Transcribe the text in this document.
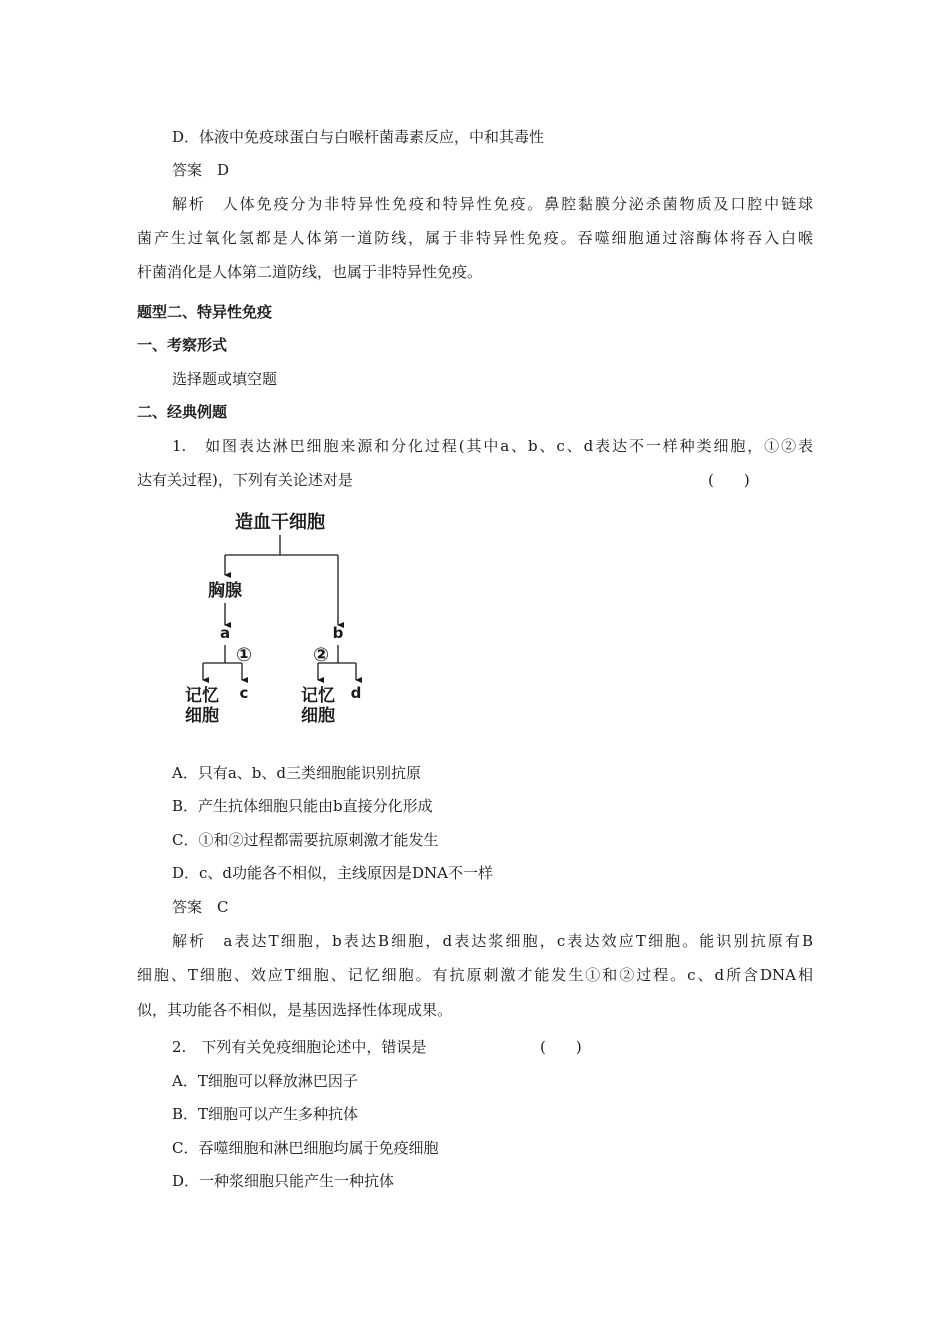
D．体液中免疫球蛋白与白喉杆菌毒素反应，中和其毒性
答案　D
解析　人体免疫分为非特异性免疫和特异性免疫。鼻腔黏膜分泌杀菌物质及口腔中链球
菌产生过氧化氢都是人体第一道防线，属于非特异性免疫。吞噬细胞通过溶酶体将吞入白喉
杆菌消化是人体第二道防线，也属于非特异性免疫。
题型二、特异性免疫
一、考察形式
选择题或填空题
二、经典例题
1.　如图表达淋巴细胞来源和分化过程(其中a、b、c、d表达不一样种类细胞，①②表
达有关过程)，下列有关论述对是	(　　)
造血干细胞
胸腺
a	b
①	②
记忆
细胞
c	记忆
细胞
d
A．只有a、b、d三类细胞能识别抗原
B．产生抗体细胞只能由b直接分化形成
C．①和②过程都需要抗原刺激才能发生
D．c、d功能各不相似，主线原因是DNA不一样
答案　C
解析　a表达T细胞，b表达B细胞，d表达浆细胞，c表达效应T细胞。能识别抗原有B
细胞、T细胞、效应T细胞、记忆细胞。有抗原刺激才能发生①和②过程。c、d所含DNA相
似，其功能各不相似，是基因选择性体现成果。
2.　下列有关免疫细胞论述中，错误是	(　　)
A．T细胞可以释放淋巴因子
B．T细胞可以产生多种抗体
C．吞噬细胞和淋巴细胞均属于免疫细胞
D．一种浆细胞只能产生一种抗体
